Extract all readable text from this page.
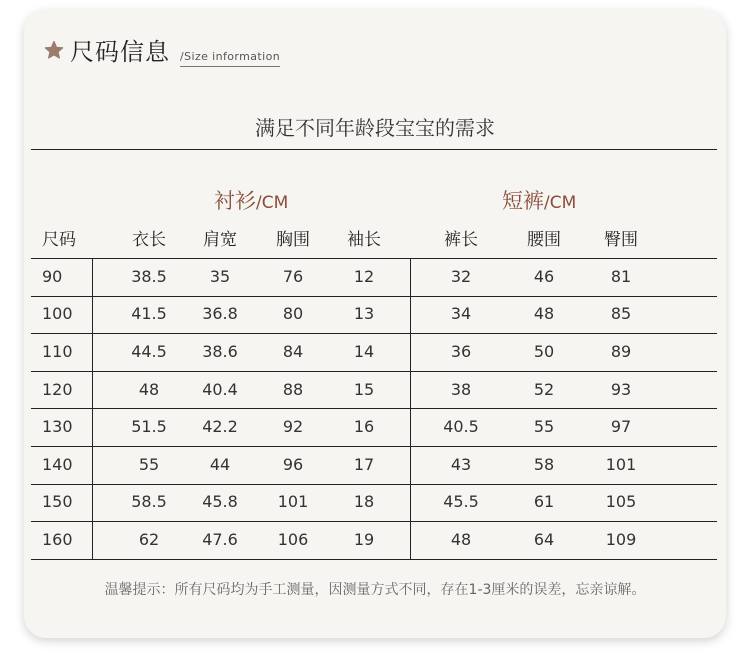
尺码信息 /Size information
满足不同年龄段宝宝的需求
衬衫/CM	短裤/CM
尺码	衣长	肩宽	胸围	袖长	裤长	腰围	臀围
90	38.5	35	76	12	32	46	81
100	41.5	36.8	80	13	34	48	85
110	44.5	38.6	84	14	36	50	89
120	48	40.4	88	15	38	52	93
130	51.5	42.2	92	16	40.5	55	97
140	55	44	96	17	43	58	101
150	58.5	45.8	101	18	45.5	61	105
160	62	47.6	106	19	48	64	109
温馨提示：所有尺码均为手工测量，因测量方式不同，存在1-3厘米的误差，忘亲谅解。
